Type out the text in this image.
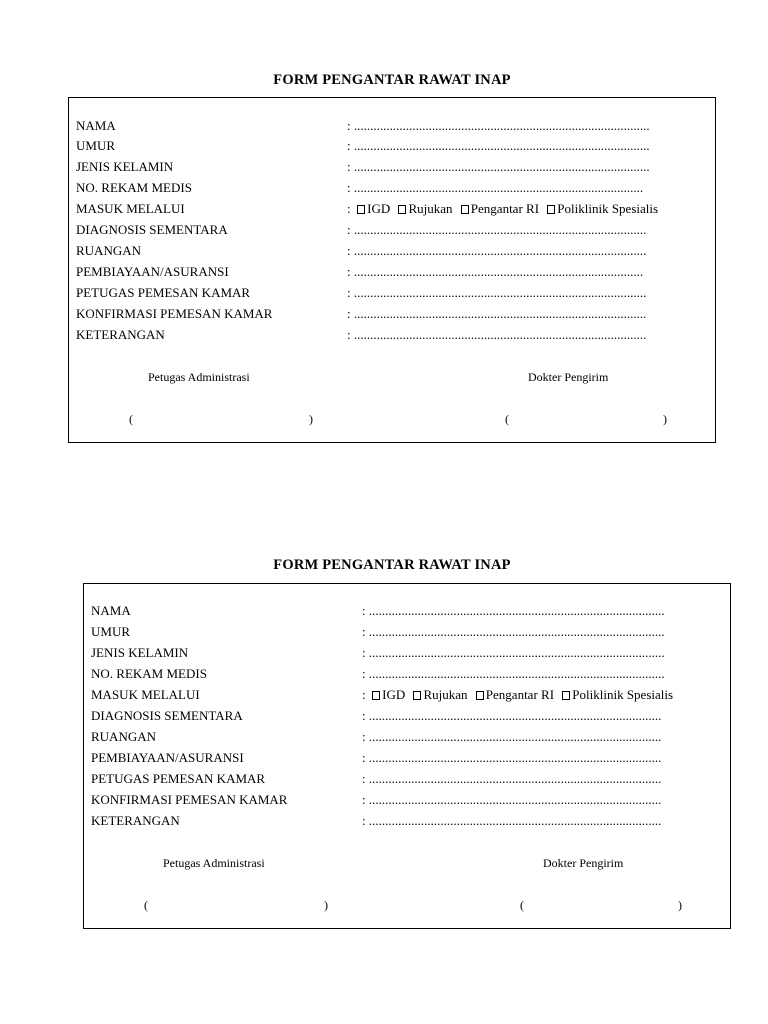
FORM PENGANTAR RAWAT INAP
NAMA	: ...........................................................................................
UMUR	: ...........................................................................................
JENIS KELAMIN	: ...........................................................................................
NO. REKAM MEDIS	: .........................................................................................
MASUK MELALUI	: IGD Rujukan Pengantar RI Poliklinik Spesialis
DIAGNOSIS SEMENTARA	: ..........................................................................................
RUANGAN	: ..........................................................................................
PEMBIAYAAN/ASURANSI	: .........................................................................................
PETUGAS PEMESAN KAMAR	: ..........................................................................................
KONFIRMASI PEMESAN KAMAR	: ..........................................................................................
KETERANGAN	: ..........................................................................................
Petugas Administrasi	Dokter Pengirim
(	)	(	)
FORM PENGANTAR RAWAT INAP
NAMA	: ...........................................................................................
UMUR	: ...........................................................................................
JENIS KELAMIN	: ...........................................................................................
NO. REKAM MEDIS	: ...........................................................................................
MASUK MELALUI	: IGD Rujukan Pengantar RI Poliklinik Spesialis
DIAGNOSIS SEMENTARA	: ..........................................................................................
RUANGAN	: ..........................................................................................
PEMBIAYAAN/ASURANSI	: ..........................................................................................
PETUGAS PEMESAN KAMAR	: ..........................................................................................
KONFIRMASI PEMESAN KAMAR	: ..........................................................................................
KETERANGAN	: ..........................................................................................
Petugas Administrasi	Dokter Pengirim
(	)	(	)
